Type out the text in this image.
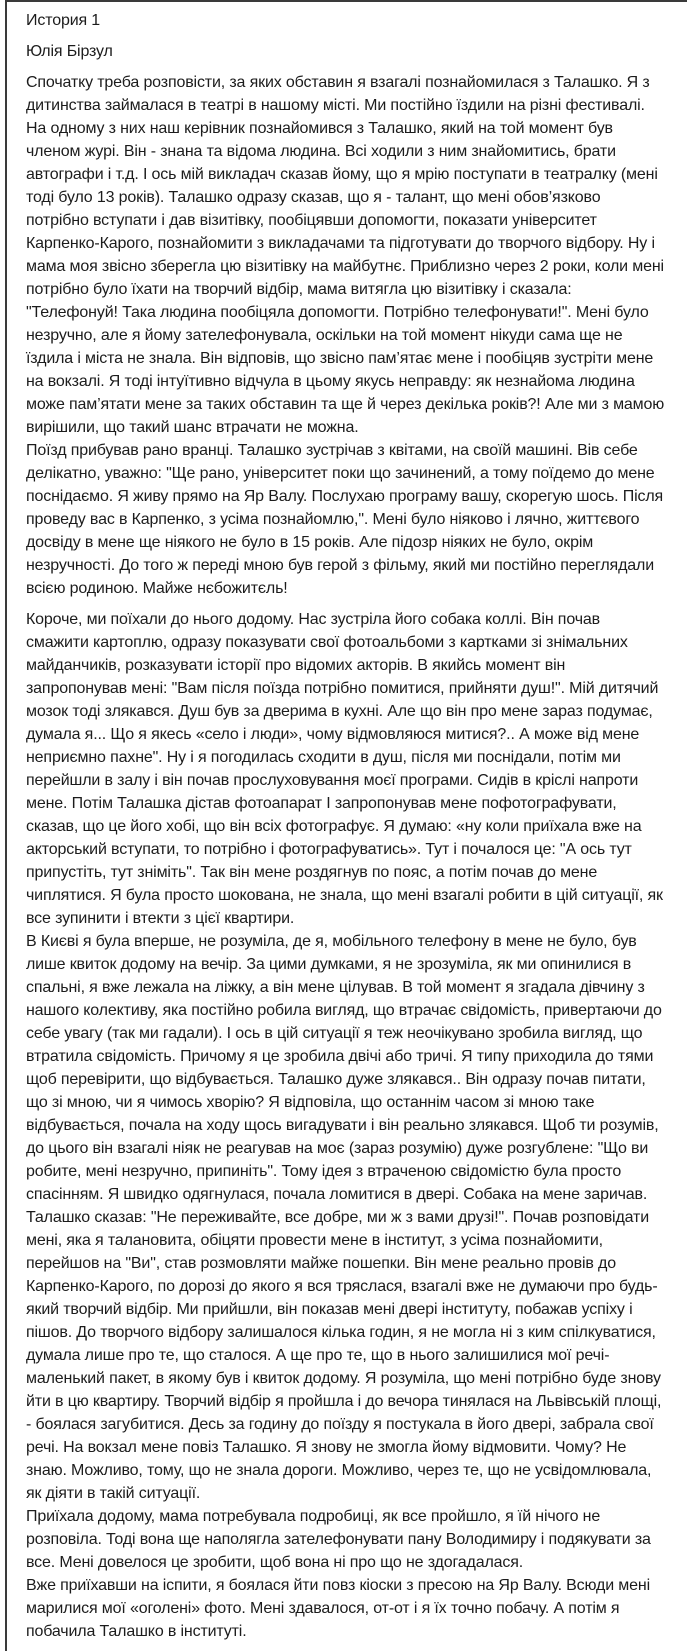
История 1
Юлія Бірзул
Спочатку треба розповісти, за яких обставин я взагалі познайомилася з Талашко. Я з дитинства займалася в театрі в нашому місті. Ми постійно їздили на різні фестивалі. На одному з них наш керівник познайомився з Талашко, який на той момент був членом журі. Він - знана та відома людина. Всі ходили з ним знайомитись, брати автографи і т.д. І ось мій викладач сказав йому, що я мрію поступати в театралку (мені тоді було 13 років). Талашко одразу сказав, що я - талант, що мені обов’язково потрібно вступати і дав візитівку, пообіцявши допомогти, показати університет Карпенко-Карого, познайомити з викладачами та підготувати до творчого відбору. Ну і мама моя звісно зберегла цю візитівку на майбутнє. Приблизно через 2 роки, коли мені потрібно було їхати на творчий відбір, мама витягла цю візитівку і сказала: "Телефонуй! Така людина пообіцяла допомогти. Потрібно телефонувати!". Мені було незручно, але я йому зателефонувала, оскільки на той момент нікуди сама ще не їздила і міста не знала. Він відповів, що звісно пам’ятає мене і пообіцяв зустріти мене на вокзалі. Я тоді інтуїтивно відчула в цьому якусь неправду: як незнайома людина може пам’ятати мене за таких обставин та ще й через декілька років?! Але ми з мамою вирішили, що такий шанс втрачати не можна.
Поїзд прибував рано вранці. Талашко зустрічав з квітами, на своїй машині. Вів себе делікатно, уважно: "Ще рано, університет поки що зачинений, а тому поїдемо до мене поснідаємо. Я живу прямо на Яр Валу. Послухаю програму вашу, скорегую шось. Після проведу вас в Карпенко, з усіма познайомлю,". Мені було ніяково і лячно, життєвого досвіду в мене ще ніякого не було в 15 років. Але підозр ніяких не було, окрім незручності. До того ж переді мною був герой з фільму, який ми постійно переглядали всією родиною. Майже нєбожитєль!
Короче, ми поїхали до нього додому. Нас зустріла його собака коллі. Він почав смажити картоплю, одразу показувати свої фотоальбоми з картками зі знімальних майданчиків, розказувати історії про відомих акторів. В якийсь момент він запропонував мені: "Вам після поїзда потрібно помитися, прийняти душ!". Мій дитячий мозок тоді злякався. Душ був за дверима в кухні. Але що він про мене зараз подумає, думала я... Що я якесь «село і люди», чому відмовляюся митися?.. А може від мене неприємно пахне". Ну і я погодилась сходити в душ, після ми поснідали, потім ми перейшли в залу і він почав прослуховування моєї програми. Сидів в кріслі напроти мене. Потім Талашка дістав фотоапарат І запропонував мене пофотографувати, сказав, що це його хобі, що він всіх фотографує. Я думаю: «ну коли приїхала вже на акторський вступати, то потрібно і фотографуватись». Тут і почалося це: "А ось тут припустіть, тут зніміть". Так він мене роздягнув по пояс, а потім почав до мене чиплятися. Я була просто шокована, не знала, що мені взагалі робити в цій ситуації, як все зупинити і втекти з цієї квартири.
В Києві я була вперше, не розуміла, де я, мобільного телефону в мене не було, був лише квиток додому на вечір. За цими думками, я не зрозуміла, як ми опинилися в спальні, я вже лежала на ліжку, а він мене цілував. В той момент я згадала дівчину з нашого колективу, яка постійно робила вигляд, що втрачає свідомість, привертаючи до себе увагу (так ми гадали). І ось в цій ситуації я теж неочікувано зробила вигляд, що втратила свідомість. Причому я це зробила двічі або тричі. Я типу приходила до тями щоб перевірити, що відбувається. Талашко дуже злякався.. Він одразу почав питати, що зі мною, чи я чимось хворію? Я відповіла, що останнім часом зі мною таке відбувається, почала на ходу щось вигадувати і він реально злякався. Щоб ти розумів, до цього він взагалі ніяк не реагував на моє (зараз розумію) дуже розгублене: "Що ви робите, мені незручно, припиніть". Тому ідея з втраченою свідомістю була просто спасінням. Я швидко одягнулася, почала ломитися в двері. Собака на мене заричав. Талашко сказав: "Не переживайте, все добре, ми ж з вами друзі!". Почав розповідати мені, яка я талановита, обіцяти провести мене в інститут, з усіма познайомити, перейшов на "Ви", став розмовляти майже пошепки. Він мене реально провів до Карпенко-Карого, по дорозі до якого я вся тряслася, взагалі вже не думаючи про будь-який творчий відбір. Ми прийшли, він показав мені двері інституту, побажав успіху і пішов. До творчого відбору залишалося кілька годин, я не могла ні з ким спілкуватися, думала лише про те, що сталося. А ще про те, що в нього залишилися мої речі- маленький пакет, в якому був і квиток додому. Я розуміла, що мені потрібно буде знову йти в цю квартиру. Творчий відбір я пройшла і до вечора тинялася на Львівській площі, - боялася загубитися. Десь за годину до поїзду я постукала в його двері, забрала свої речі. На вокзал мене повіз Талашко. Я знову не змогла йому відмовити. Чому? Не знаю. Можливо, тому, що не знала дороги. Можливо, через те, що не усвідомлювала, як діяти в такій ситуації.
Приїхала додому, мама потребувала подробиці, як все пройшло, я їй нічого не розповіла. Тоді вона ще наполягла зателефонувати пану Володимиру і подякувати за все. Мені довелося це зробити, щоб вона ні про що не здогадалася.
Вже приїхавши на іспити, я боялася йти повз кіоски з пресою на Яр Валу. Всюди мені марилися мої «оголені» фото. Мені здавалося, от-от і я їх точно побачу. А потім я побачила Талашко в інституті.
